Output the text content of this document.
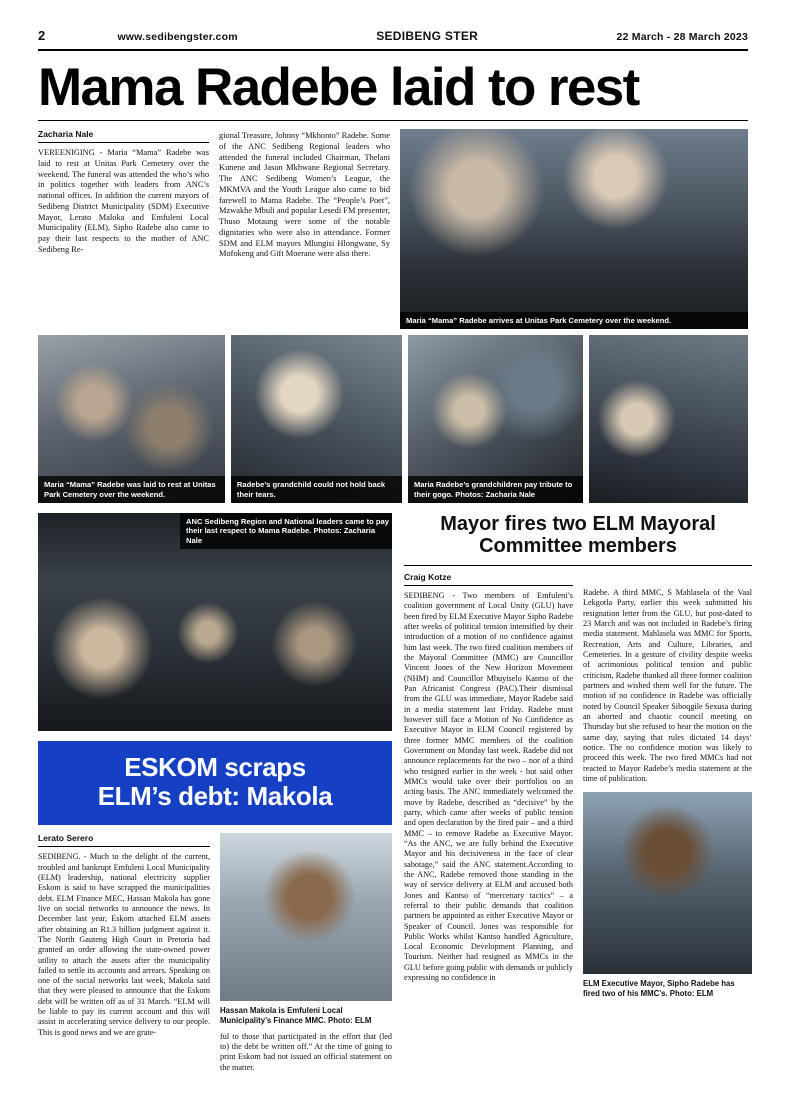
2	www.sedibengster.com	SEDIBENG STER	22 March - 28 March 2023
Mama Radebe laid to rest
Zacharia Nale
VEREENIGING - Maria “Mama” Radebe was laid to rest at Unitas Park Cemetery over the weekend. The funeral was attended the who’s who in politics together with leaders from ANC’s national offices. In addition the current mayors of Sedibeng District Municipality (SDM) Executive Mayor, Lerato Maloka and Emfuleni Local Municipality (ELM), Sipho Radebe also came to pay their last respects to the mother of ANC Sedibeng Re-
gional Treasure, Johnny “Mkhonto” Radebe. Some of the ANC Sedibeng Regional leaders who attended the funeral included Chairman, Thelani Kunene and Jason Mkhwane Regional Secretary. The ANC Sedibeng Women’s League, the MKMVA and the Youth League also came to bid farewell to Mama Radebe. The “People’s Poet”, Mzwakhe Mbuli and popular Lesedi FM presenter, Thuso Motaung were some of the notable dignitaries who were also in attendance. Former SDM and ELM mayors Mlungisi Hlongwane, Sy Mofokeng and Gift Moerane were also there.
Maria “Mama” Radebe arrives at Unitas Park Cemetery over the weekend.
Maria “Mama” Radebe was laid to rest at Unitas Park Cemetery over the weekend.
Radebe’s grandchild could not hold back their tears.
Maria Radebe’s grandchildren pay tribute to their gogo. Photos: Zacharia Nale
ANC Sedibeng Region and National leaders came to pay their last respect to Mama Radebe. Photos: Zacharia Nale
ESKOM scraps
ELM’s debt: Makola
Lerato Serero
SEDIBENG. - Much to the delight of the current, troubled and bankrupt Emfuleni Local Municipality (ELM) leadership, national electricity supplier Eskom is said to have scrapped the municipalities debt. ELM Finance MEC, Hassan Makola has gone live on social networks to announce the news. In December last year, Eskom attached ELM assets after obtaining an R1.3 billion judgment against it. The North Gauteng High Court in Pretoria had granted an order allowing the state-owned power utility to attach the assets after the municipality failed to settle its accounts and arrears. Speaking on one of the social networks last week, Makola said that they were pleased to announce that the Eskom debt will be written off as of 31 March. “ELM will be liable to pay its current account and this will assist in accelerating service delivery to our people. This is good news and we are grate-
Hassan Makola is Emfuleni Local Municipality’s Finance MMC. Photo: ELM
ful to those that participated in the effort that (led to) the debt be written off.” At the time of going to print Eskom had not issued an official statement on the matter.
Mayor fires two ELM Mayoral Committee members
Craig Kotze
SEDIBENG - Two members of Emfuleni’s coalition government of Local Unity (GLU) have been fired by ELM Executive Mayor Sipho Radebe after weeks of political tension intensified by their introduction of a motion of no confidence against him last week. The two fired coalition members of the Mayoral Committee (MMC) are Councillor Vincent Jones of the New Horizon Movement (NHM) and Councillor Mbuyiselo Kantso of the Pan Africanist Congress (PAC).Their dismissal from the GLU was immediate, Mayor Radebe said in a media statement last Friday. Radebe must however still face a Motion of No Confidence as Executive Mayor in ELM Council registered by three former MMC members of the coalition Government on Monday last week. Radebe did not announce replacements for the two – nor of a third who resigned earlier in the week - but said other MMCs would take over their portfolios on an acting basis. The ANC immediately welcomed the move by Radebe, described as “decisive” by the party, which came after weeks of public tension and open declaration by the fired pair – and a third MMC – to remove Radebe as Executive Mayor. “As the ANC, we are fully behind the Executive Mayor and his decisiveness in the face of clear sabotage,” said the ANC statement.According to the ANC, Radebe removed those standing in the way of service delivery at ELM and accused both Jones and Kantso of “mercenary tactics” – a referral to their public demands that coalition partners be appointed as either Executive Mayor or Speaker of Council. Jones was responsible for Public Works whilst Kantso handled Agriculture, Local Economic Development Planning, and Tourism. Neither had resigned as MMCs in the GLU before going public with demands or publicly expressing no confidence in
Radebe. A third MMC, S Mahlasela of the Vaal Lekgotla Party, earlier this week submitted his resignation letter from the GLU, but post-dated to 23 March and was not included in Radebe’s firing media statement. Mahlasela was MMC for Sports, Recreation, Arts and Culture, Libraries, and Cemeteries. In a gesture of civility despite weeks of acrimonious political tension and public criticism, Radebe thanked all three former coalition partners and wished them well for the future. The motion of no confidence in Radebe was officially noted by Council Speaker Siboqgile Sexusa during an aborted and chaotic council meeting on Thursday but she refused to hear the motion on the same day, saying that rules dictated 14 days’ notice. The no confidence motion was likely to proceed this week. The two fired MMCs had not reacted to Mayor Radebe’s media statement at the time of publication.
ELM Executive Mayor, Sipho Radebe has fired two of his MMC’s. Photo: ELM
